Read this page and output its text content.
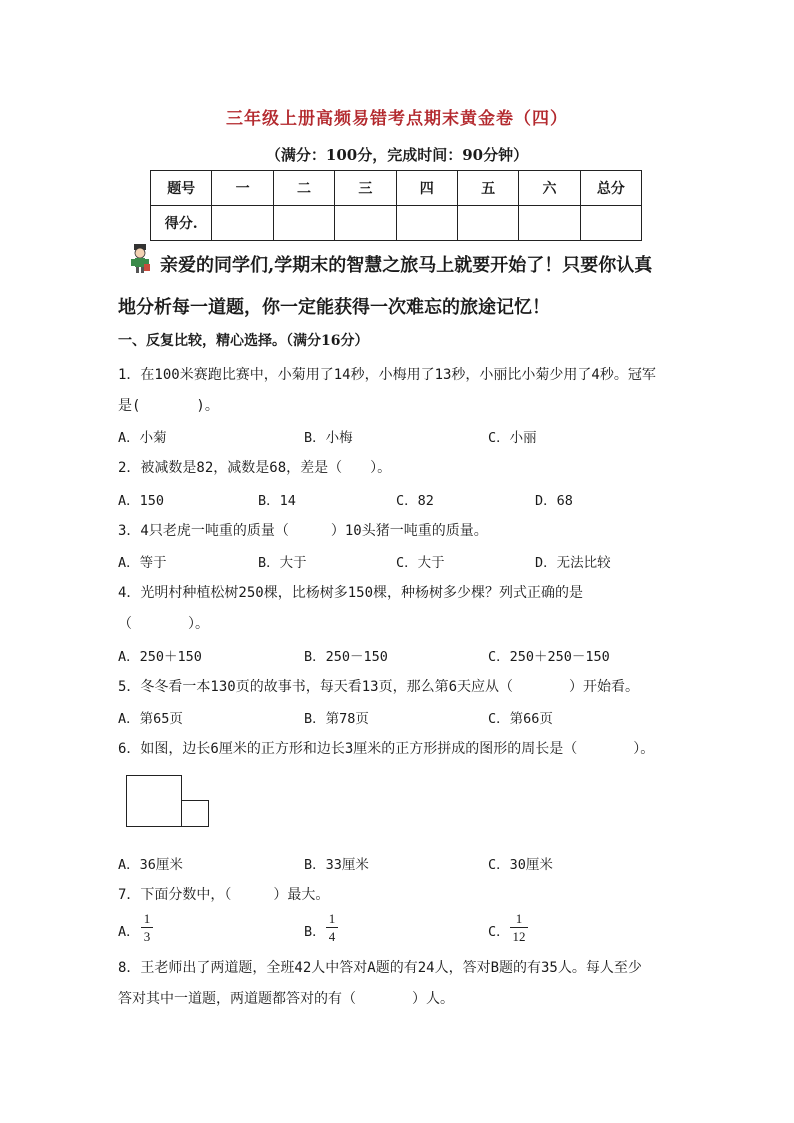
三年级上册高频易错考点期末黄金卷（四）
（满分：100分，完成时间：90分钟）
题号	一	二	三	四	五	六	总分
得分.							
亲爱的同学们,学期末的智慧之旅马上就要开始了！只要你认真
地分析每一道题，你一定能获得一次难忘的旅途记忆！
一、反复比较，精心选择。（满分16分）
1．在100米赛跑比赛中，小菊用了14秒，小梅用了13秒，小丽比小菊少用了4秒。冠军
是(　　　　)。
A．小菊	B．小梅	C．小丽
2．被减数是82，减数是68，差是（　　）。
A．150	B．14	C．82	D．68
3．4只老虎一吨重的质量（　　　）10头猪一吨重的质量。
A．等于	B．大于	C．大于	D．无法比较
4．光明村种植松树250棵，比杨树多150棵，种杨树多少棵？列式正确的是
（　　　　）。
A．250＋150	B．250－150	C．250＋250－150
5．冬冬看一本130页的故事书，每天看13页，那么第6天应从（　　　　）开始看。
A．第65页	B．第78页	C．第66页
6．如图，边长6厘米的正方形和边长3厘米的正方形拼成的图形的周长是（　　　　）。
A．36厘米	B．33厘米	C．30厘米
7．下面分数中，（　　　）最大。
A．
1
3	B．
1
4	C．
1
12
8．王老师出了两道题，全班42人中答对A题的有24人，答对B题的有35人。每人至少
答对其中一道题，两道题都答对的有（　　　　）人。
